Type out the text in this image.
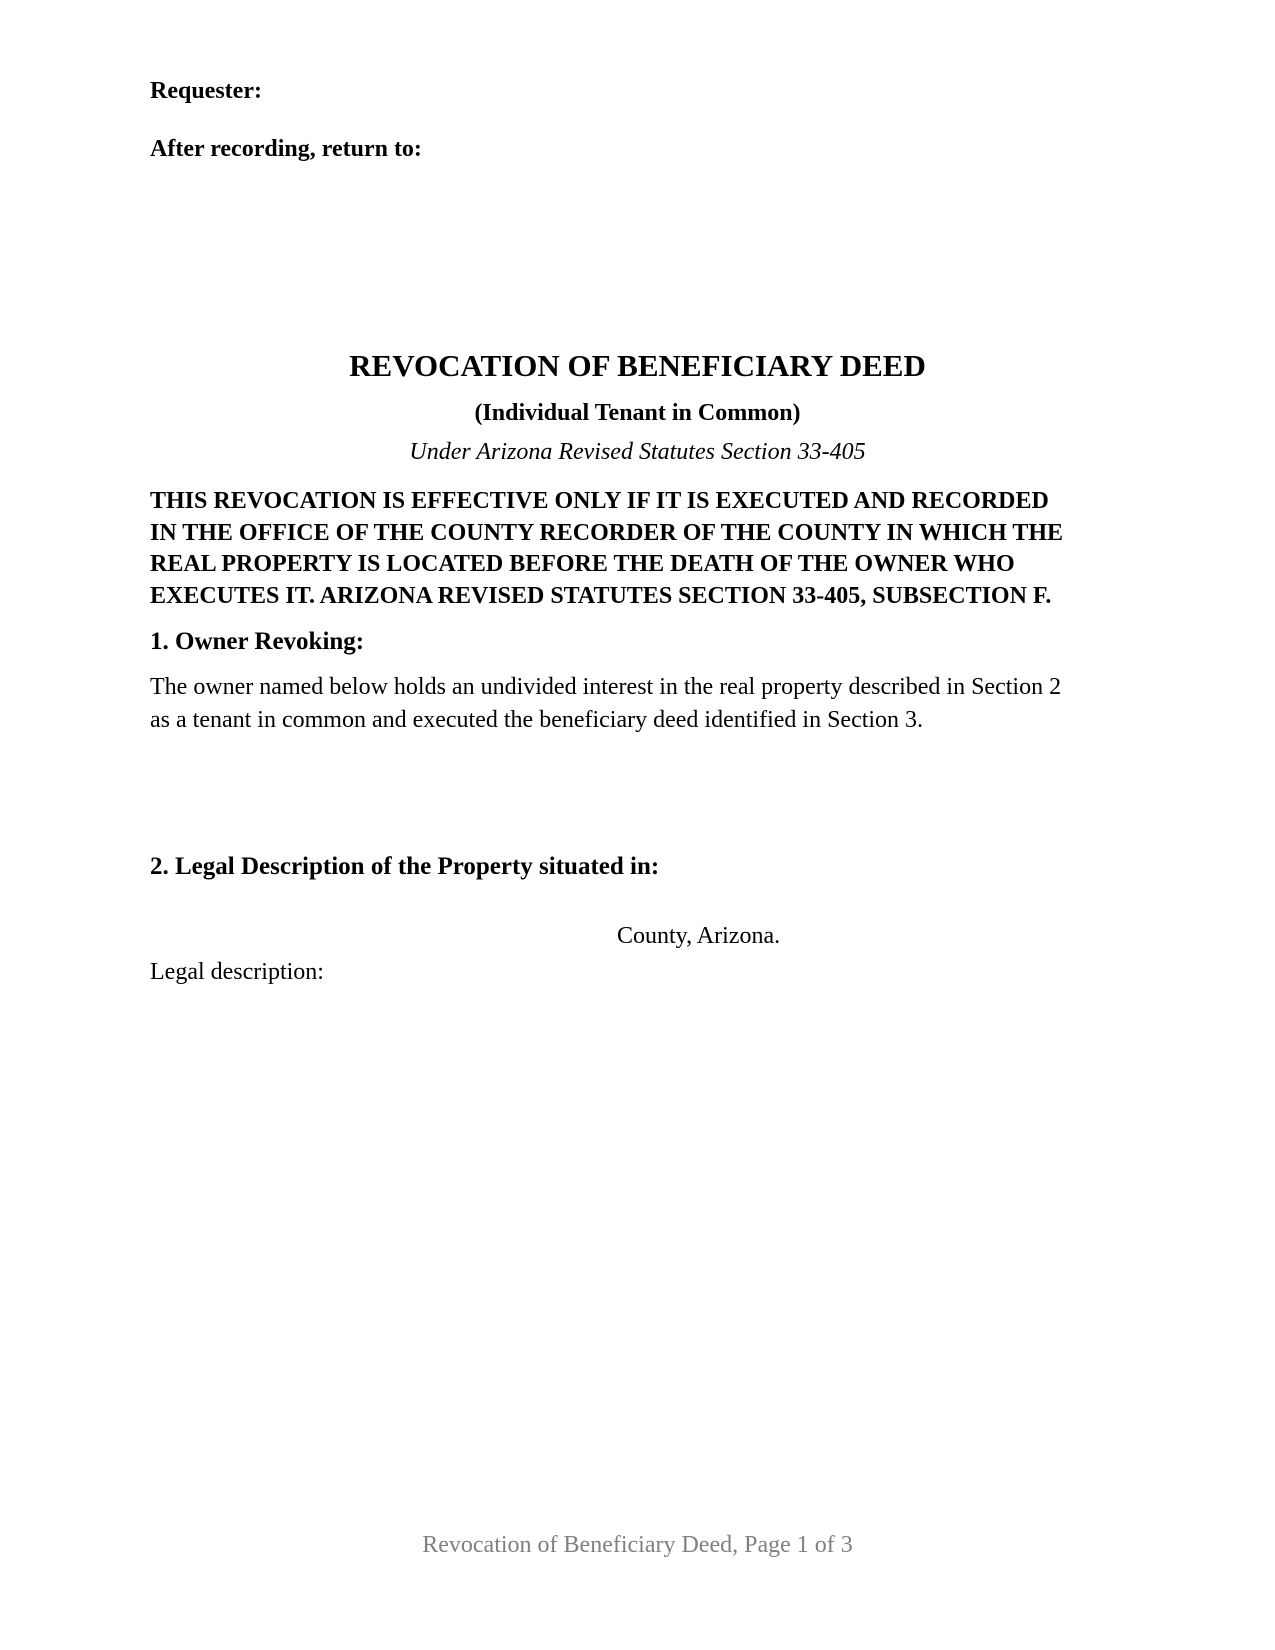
Requester:
After recording, return to:
REVOCATION OF BENEFICIARY DEED
(Individual Tenant in Common)
Under Arizona Revised Statutes Section 33-405
THIS REVOCATION IS EFFECTIVE ONLY IF IT IS EXECUTED AND RECORDED
IN THE OFFICE OF THE COUNTY RECORDER OF THE COUNTY IN WHICH THE
REAL PROPERTY IS LOCATED BEFORE THE DEATH OF THE OWNER WHO
EXECUTES IT. ARIZONA REVISED STATUTES SECTION 33-405, SUBSECTION F.
1. Owner Revoking:
The owner named below holds an undivided interest in the real property described in Section 2
as a tenant in common and executed the beneficiary deed identified in Section 3.
2. Legal Description of the Property situated in:
County, Arizona.
Legal description:
Revocation of Beneficiary Deed, Page 1 of 3
